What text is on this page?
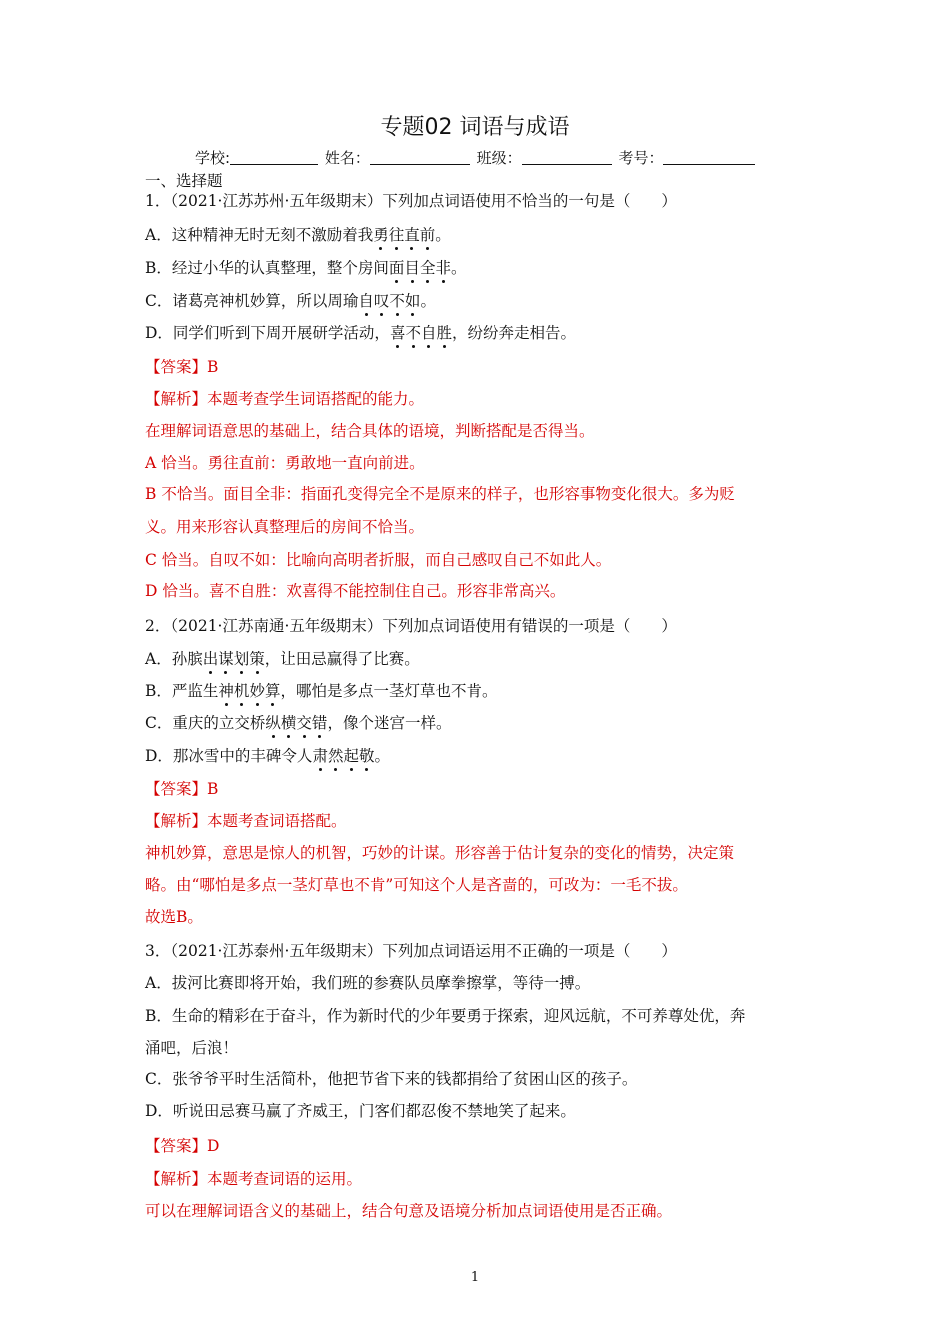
专题02 词语与成语
学校:	姓名：	班级：	考号：
一、选择题
1．（2021·江苏苏州·五年级期末）下列加点词语使用不恰当的一句是（　　）
A．这种精神无时无刻不激励着我勇往直前。
B．经过小华的认真整理，整个房间面目全非。
C．诸葛亮神机妙算，所以周瑜自叹不如。
D．同学们听到下周开展研学活动，喜不自胜，纷纷奔走相告。
【答案】B
【解析】本题考查学生词语搭配的能力。
在理解词语意思的基础上，结合具体的语境，判断搭配是否得当。
A 恰当。勇往直前：勇敢地一直向前进。
B 不恰当。面目全非：指面孔变得完全不是原来的样子，也形容事物变化很大。多为贬
义。用来形容认真整理后的房间不恰当。
C 恰当。自叹不如：比喻向高明者折服，而自己感叹自己不如此人。
D 恰当。喜不自胜：欢喜得不能控制住自己。形容非常高兴。
2．（2021·江苏南通·五年级期末）下列加点词语使用有错误的一项是（　　）
A．孙膑出谋划策，让田忌赢得了比赛。
B．严监生神机妙算，哪怕是多点一茎灯草也不肯。
C．重庆的立交桥纵横交错，像个迷宫一样。
D．那冰雪中的丰碑令人肃然起敬。
【答案】B
【解析】本题考查词语搭配。
神机妙算，意思是惊人的机智，巧妙的计谋。形容善于估计复杂的变化的情势，决定策
略。由“哪怕是多点一茎灯草也不肯”可知这个人是吝啬的，可改为：一毛不拔。
故选B。
3．（2021·江苏泰州·五年级期末）下列加点词语运用不正确的一项是（　　）
A．拔河比赛即将开始，我们班的参赛队员摩拳擦掌，等待一搏。
B．生命的精彩在于奋斗，作为新时代的少年要勇于探索，迎风远航，不可养尊处优，奔
涌吧，后浪！
C．张爷爷平时生活简朴，他把节省下来的钱都捐给了贫困山区的孩子。
D．听说田忌赛马赢了齐威王，门客们都忍俊不禁地笑了起来。
【答案】D
【解析】本题考查词语的运用。
可以在理解词语含义的基础上，结合句意及语境分析加点词语使用是否正确。
1
